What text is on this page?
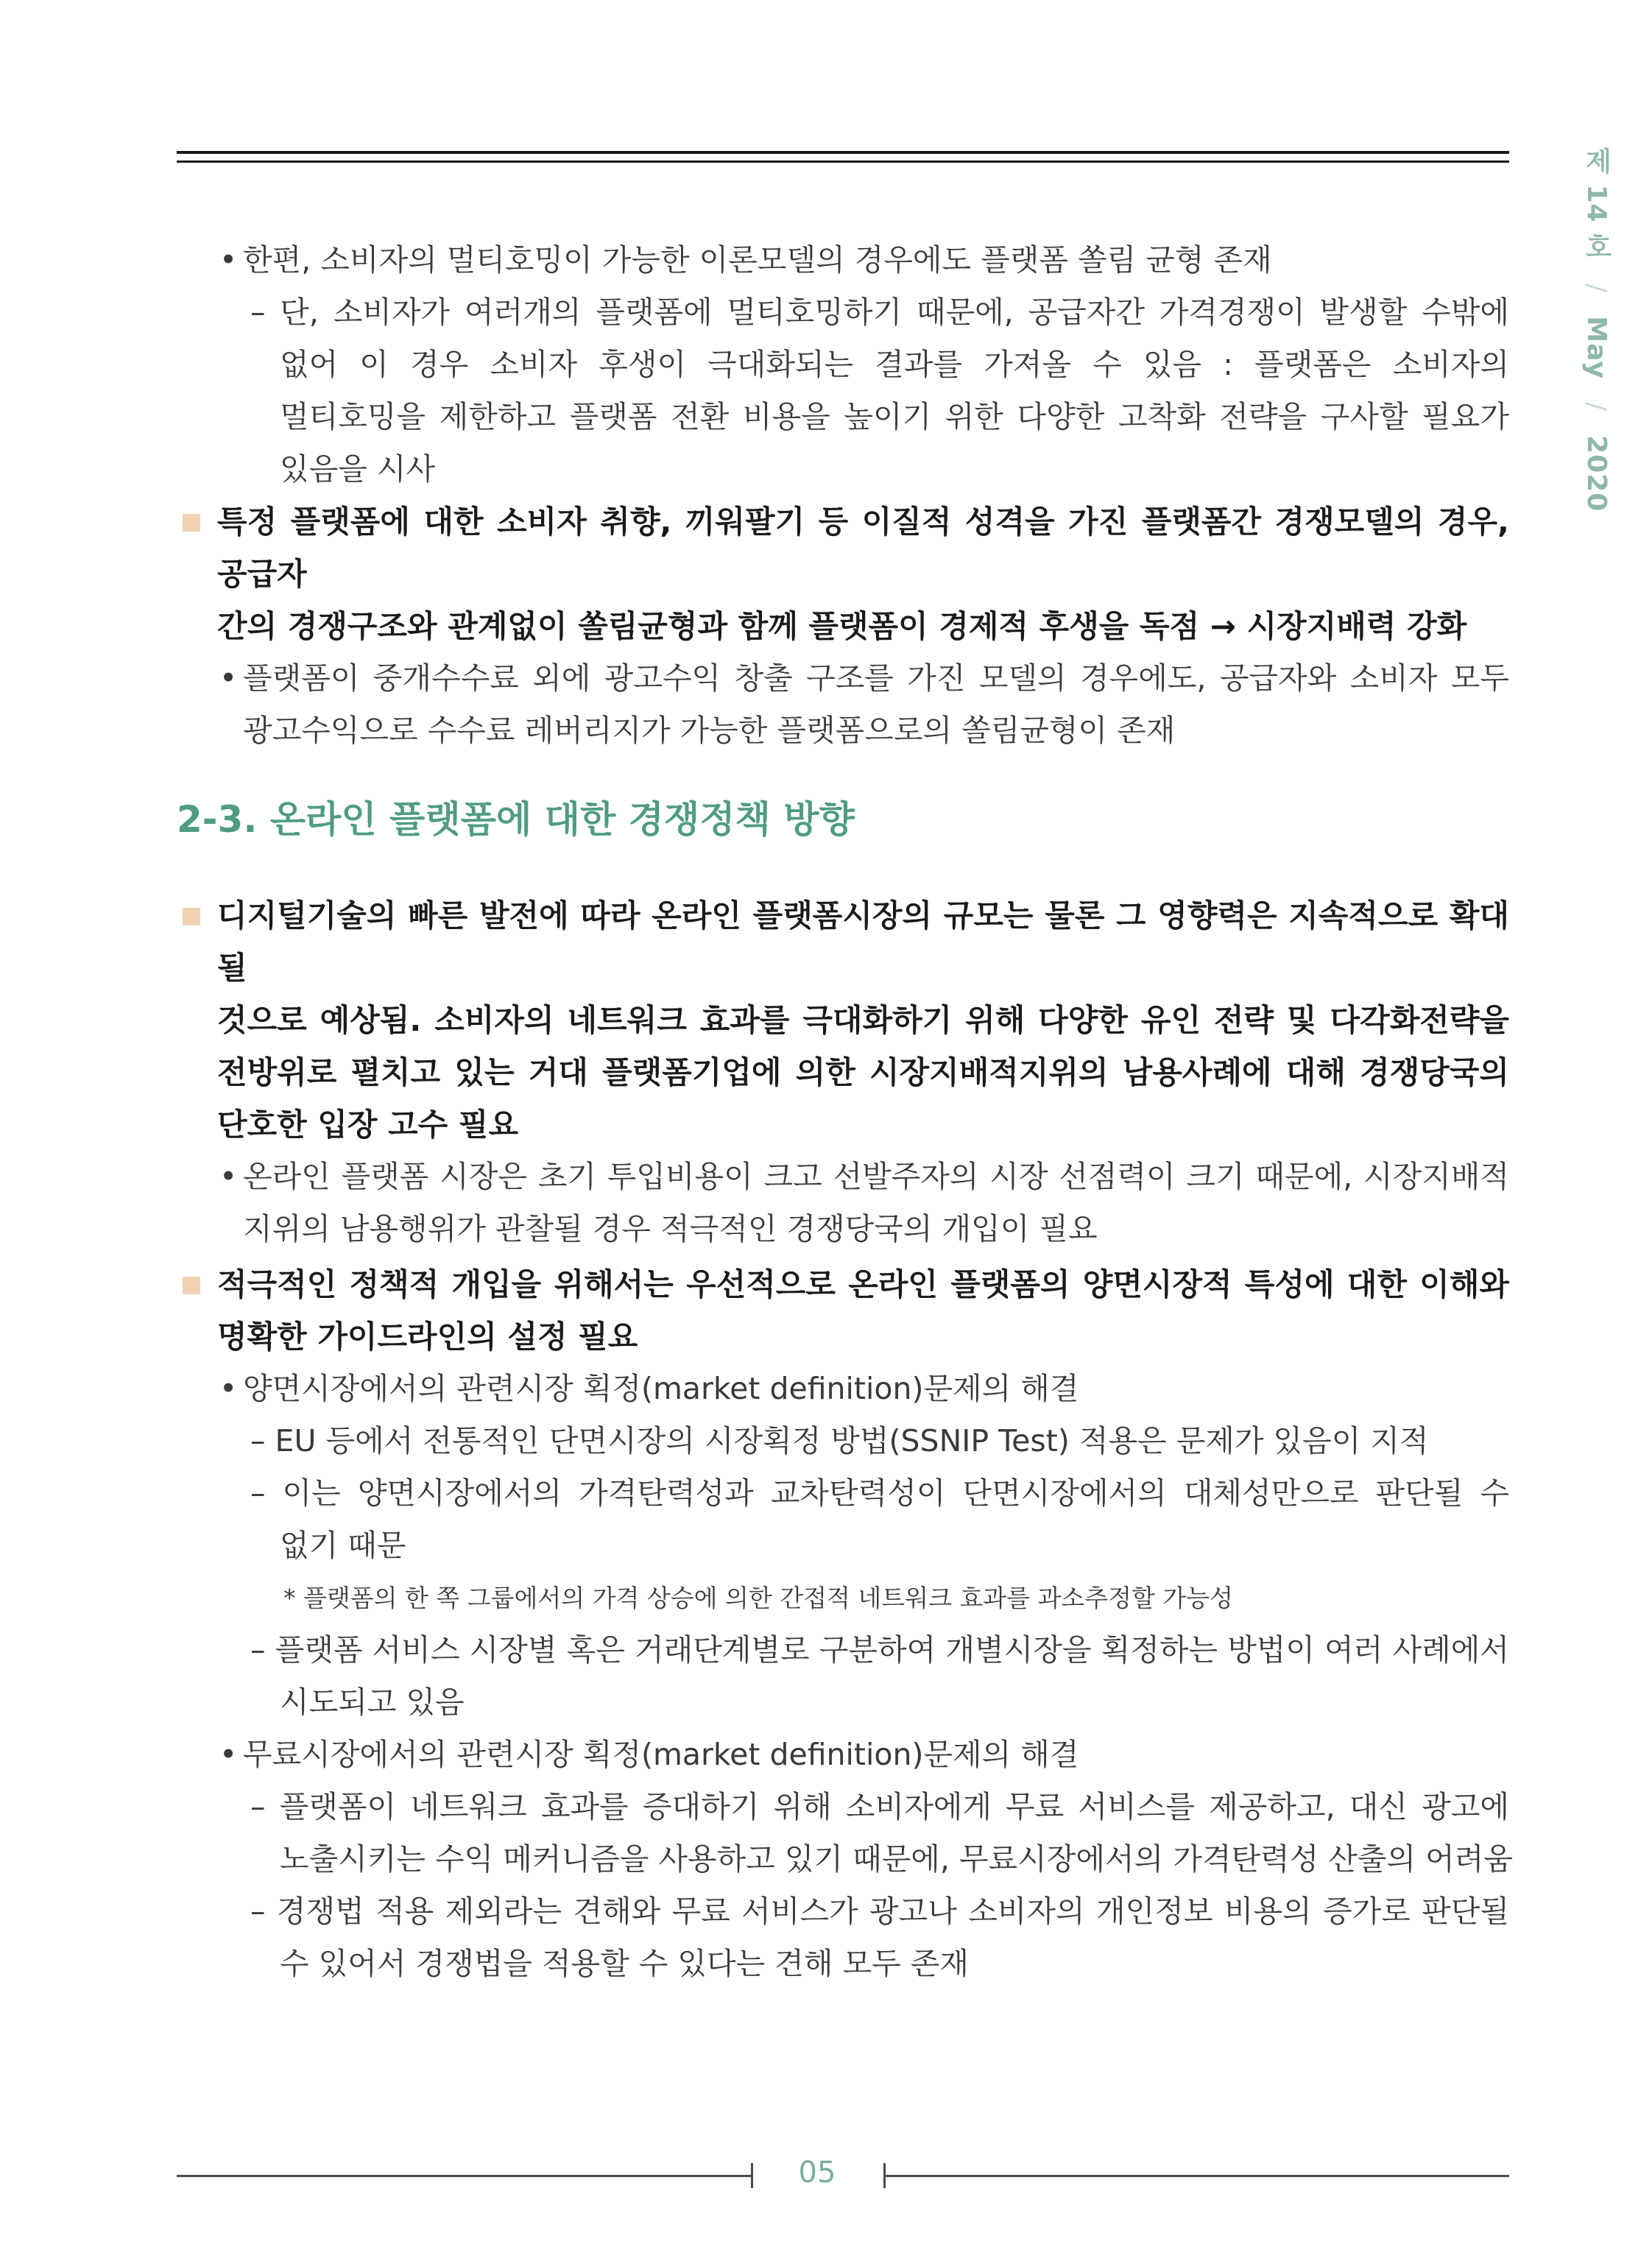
제 14 호 / May / 2020
• 한편, 소비자의 멀티호밍이 가능한 이론모델의 경우에도 플랫폼 쏠림 균형 존재
– 단, 소비자가 여러개의 플랫폼에 멀티호밍하기 때문에, 공급자간 가격경쟁이 발생할 수밖에
없어 이 경우 소비자 후생이 극대화되는 결과를 가져올 수 있음 : 플랫폼은 소비자의
멀티호밍을 제한하고 플랫폼 전환 비용을 높이기 위한 다양한 고착화 전략을 구사할 필요가
있음을 시사
특정 플랫폼에 대한 소비자 취향, 끼워팔기 등 이질적 성격을 가진 플랫폼간 경쟁모델의 경우, 공급자
간의 경쟁구조와 관계없이 쏠림균형과 함께 플랫폼이 경제적 후생을 독점 → 시장지배력 강화
• 플랫폼이 중개수수료 외에 광고수익 창출 구조를 가진 모델의 경우에도, 공급자와 소비자 모두
광고수익으로 수수료 레버리지가 가능한 플랫폼으로의 쏠림균형이 존재
2-3. 온라인 플랫폼에 대한 경쟁정책 방향
디지털기술의 빠른 발전에 따라 온라인 플랫폼시장의 규모는 물론 그 영향력은 지속적으로 확대될
것으로 예상됨. 소비자의 네트워크 효과를 극대화하기 위해 다양한 유인 전략 및 다각화전략을
전방위로 펼치고 있는 거대 플랫폼기업에 의한 시장지배적지위의 남용사례에 대해 경쟁당국의
단호한 입장 고수 필요
• 온라인 플랫폼 시장은 초기 투입비용이 크고 선발주자의 시장 선점력이 크기 때문에, 시장지배적
지위의 남용행위가 관찰될 경우 적극적인 경쟁당국의 개입이 필요
적극적인 정책적 개입을 위해서는 우선적으로 온라인 플랫폼의 양면시장적 특성에 대한 이해와
명확한 가이드라인의 설정 필요
• 양면시장에서의 관련시장 획정(market definition)문제의 해결
– EU 등에서 전통적인 단면시장의 시장획정 방법(SSNIP Test) 적용은 문제가 있음이 지적
– 이는 양면시장에서의 가격탄력성과 교차탄력성이 단면시장에서의 대체성만으로 판단될 수
없기 때문
* 플랫폼의 한 쪽 그룹에서의 가격 상승에 의한 간접적 네트워크 효과를 과소추정할 가능성
– 플랫폼 서비스 시장별 혹은 거래단계별로 구분하여 개별시장을 획정하는 방법이 여러 사례에서
시도되고 있음
• 무료시장에서의 관련시장 획정(market definition)문제의 해결
– 플랫폼이 네트워크 효과를 증대하기 위해 소비자에게 무료 서비스를 제공하고, 대신 광고에
노출시키는 수익 메커니즘을 사용하고 있기 때문에, 무료시장에서의 가격탄력성 산출의 어려움
– 경쟁법 적용 제외라는 견해와 무료 서비스가 광고나 소비자의 개인정보 비용의 증가로 판단될
수 있어서 경쟁법을 적용할 수 있다는 견해 모두 존재
05
